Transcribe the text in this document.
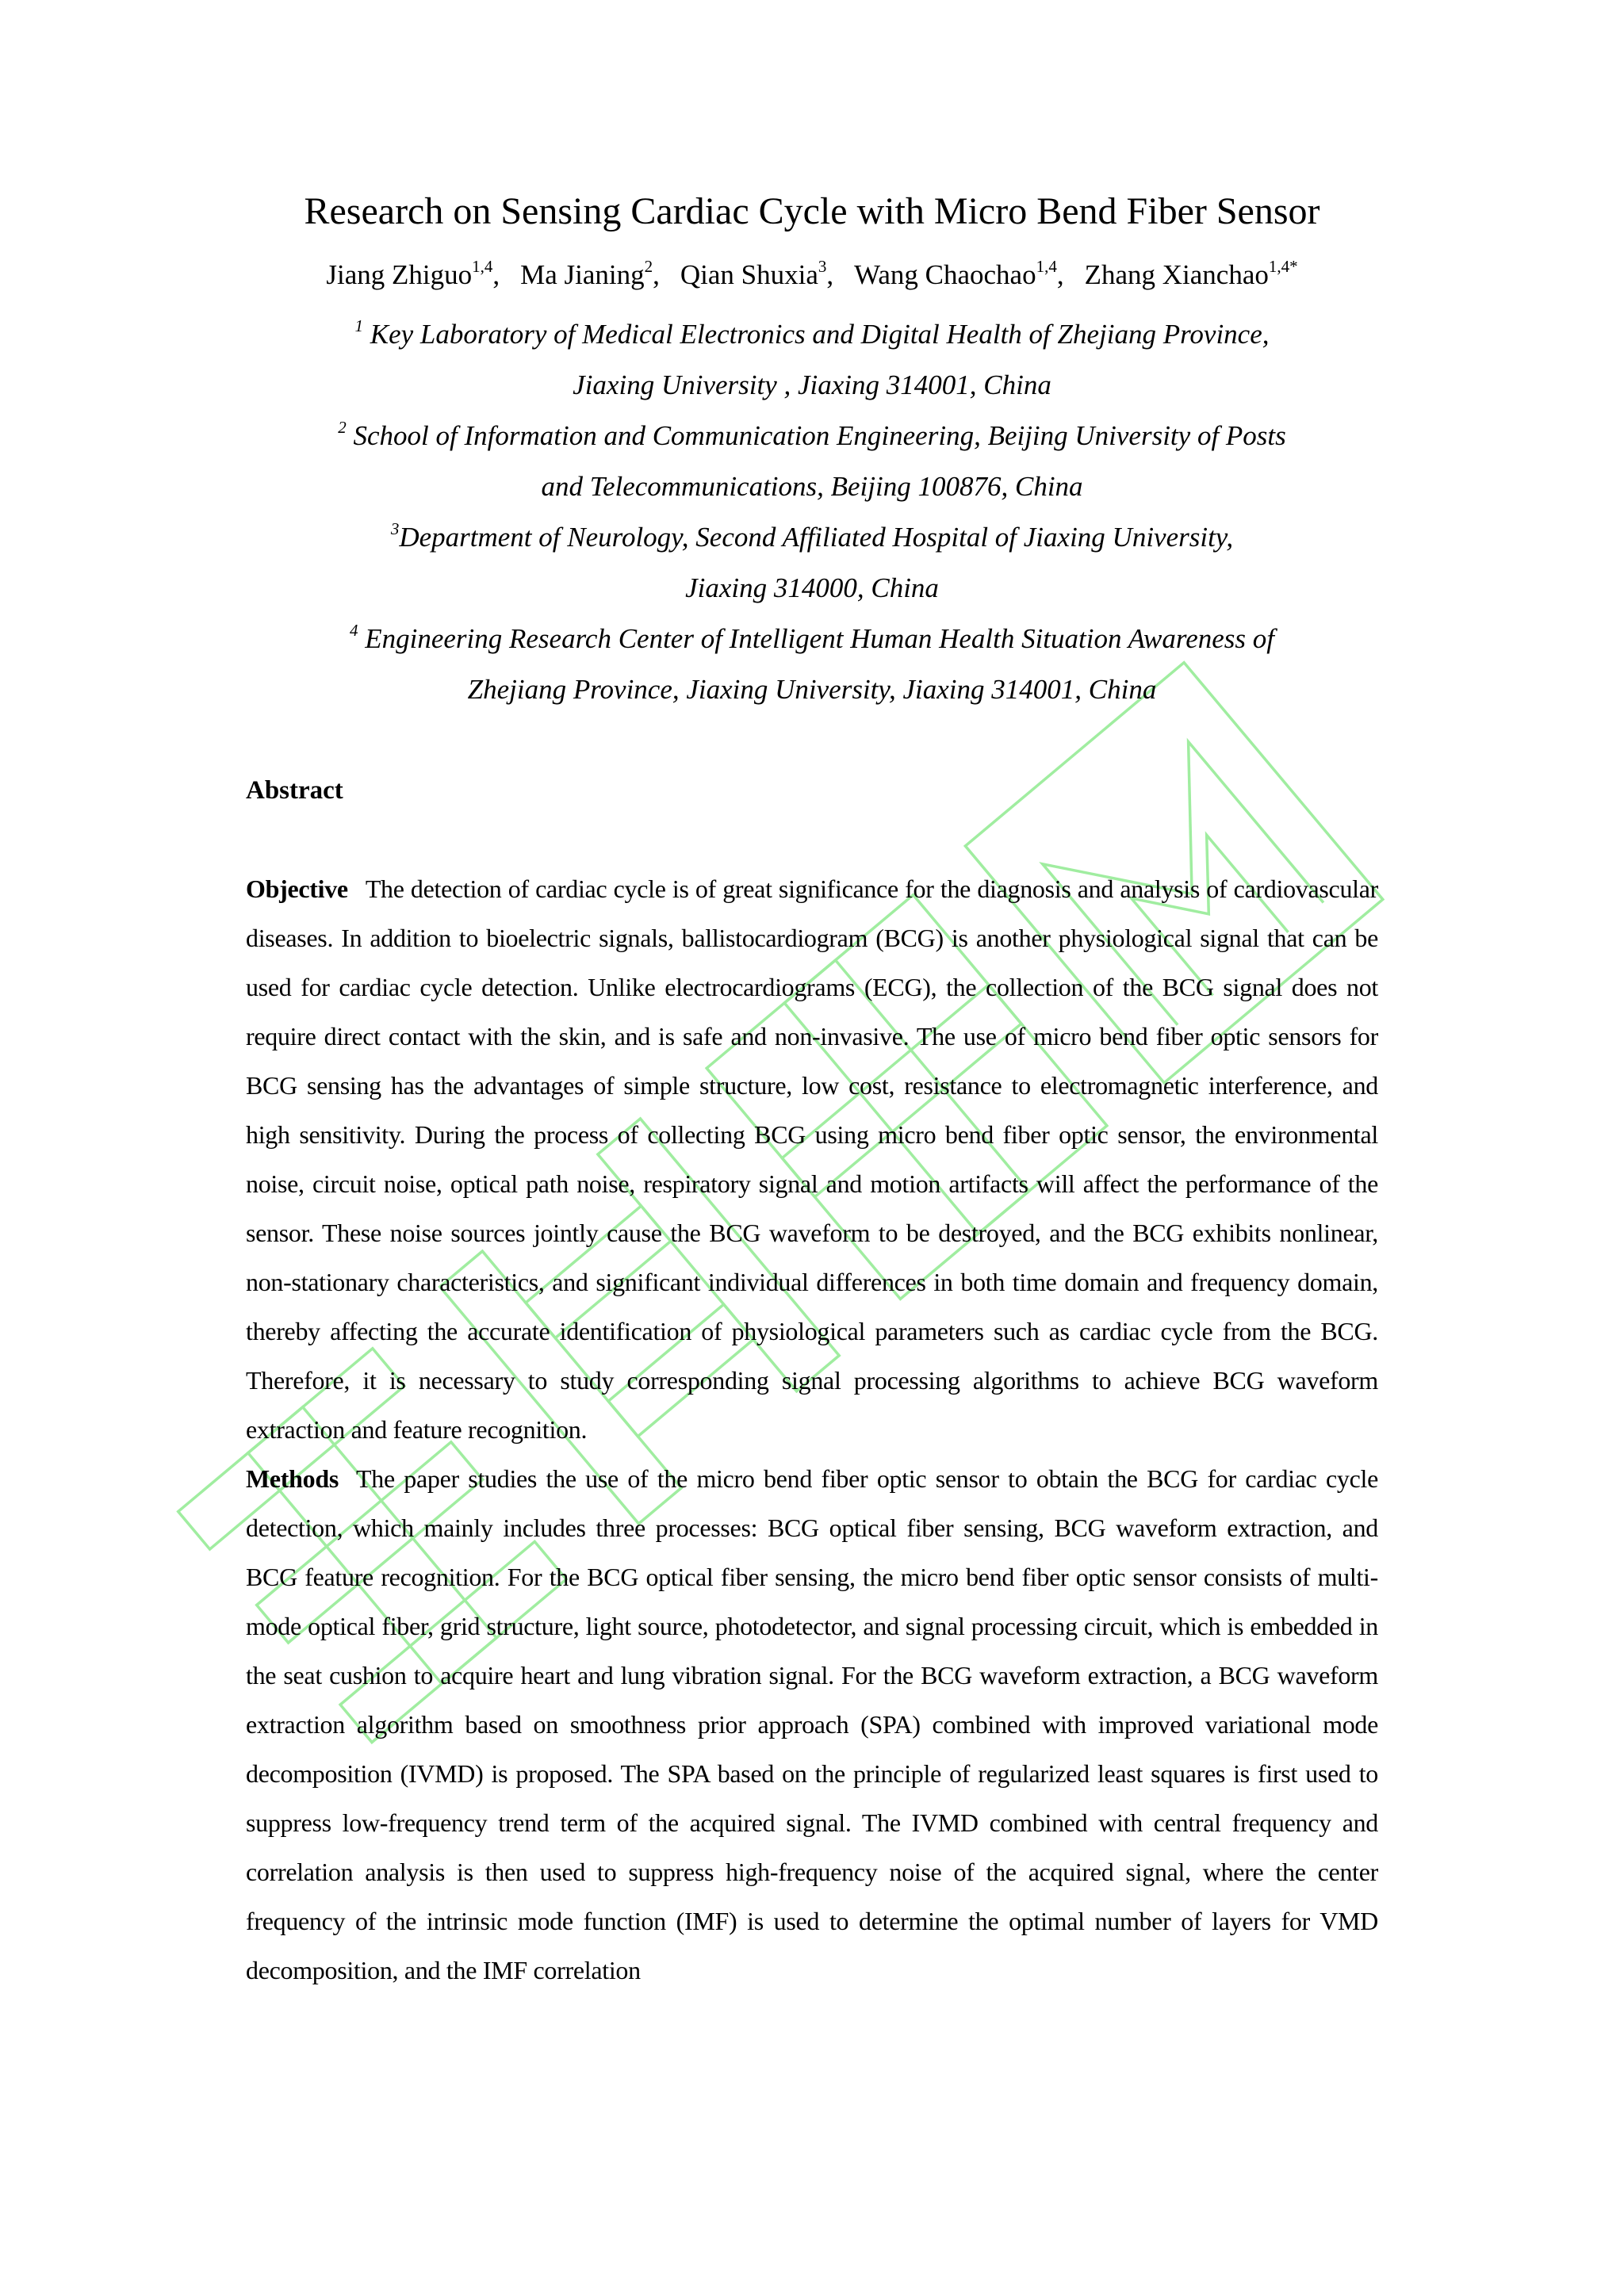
Research on Sensing Cardiac Cycle with Micro Bend Fiber Sensor
Jiang Zhiguo$^{1,4}$, Ma Jianing$^2$, Qian Shuxia$^3$, Wang Chaochao$^{1,4}$, Zhang Xianchao$^{1,4*}$
$^1$ Key Laboratory of Medical Electronics and Digital Health of Zhejiang Province,
Jiaxing University , Jiaxing 314001, China
$^2$ School of Information and Communication Engineering, Beijing University of Posts
and Telecommunications, Beijing 100876, China
$^3$Department of Neurology, Second Affiliated Hospital of Jiaxing University,
Jiaxing 314000, China
$^4$ Engineering Research Center of Intelligent Human Health Situation Awareness of
Zhejiang Province, Jiaxing University, Jiaxing 314001, China
Abstract
Objective The detection of cardiac cycle is of great significance for the diagnosis and analysis of cardiovascular diseases. In addition to bioelectric signals, ballistocardiogram (BCG) is another physiological signal that can be used for cardiac cycle detection. Unlike electrocardiograms (ECG), the collection of the BCG signal does not require direct contact with the skin, and is safe and non-invasive. The use of micro bend fiber optic sensors for BCG sensing has the advantages of simple structure, low cost, resistance to electromagnetic interference, and high sensitivity. During the process of collecting BCG using micro bend fiber optic sensor, the environmental noise, circuit noise, optical path noise, respiratory signal and motion artifacts will affect the performance of the sensor. These noise sources jointly cause the BCG waveform to be destroyed, and the BCG exhibits nonlinear, non-stationary characteristics, and significant individual differences in both time domain and frequency domain, thereby affecting the accurate identification of physiological parameters such as cardiac cycle from the BCG. Therefore, it is necessary to study corresponding signal processing algorithms to achieve BCG waveform extraction and feature recognition.
Methods The paper studies the use of the micro bend fiber optic sensor to obtain the BCG for cardiac cycle detection, which mainly includes three processes: BCG optical fiber sensing, BCG waveform extraction, and BCG feature recognition. For the BCG optical fiber sensing, the micro bend fiber optic sensor consists of multi-mode optical fiber, grid structure, light source, photodetector, and signal processing circuit, which is embedded in the seat cushion to acquire heart and lung vibration signal. For the BCG waveform extraction, a BCG waveform extraction algorithm based on smoothness prior approach (SPA) combined with improved variational mode decomposition (IVMD) is proposed. The SPA based on the principle of regularized least squares is first used to suppress low-frequency trend term of the acquired signal. The IVMD combined with central frequency and correlation analysis is then used to suppress high-frequency noise of the acquired signal, where the center frequency of the intrinsic mode function (IMF) is used to determine the optimal number of layers for VMD decomposition, and the IMF correlation
